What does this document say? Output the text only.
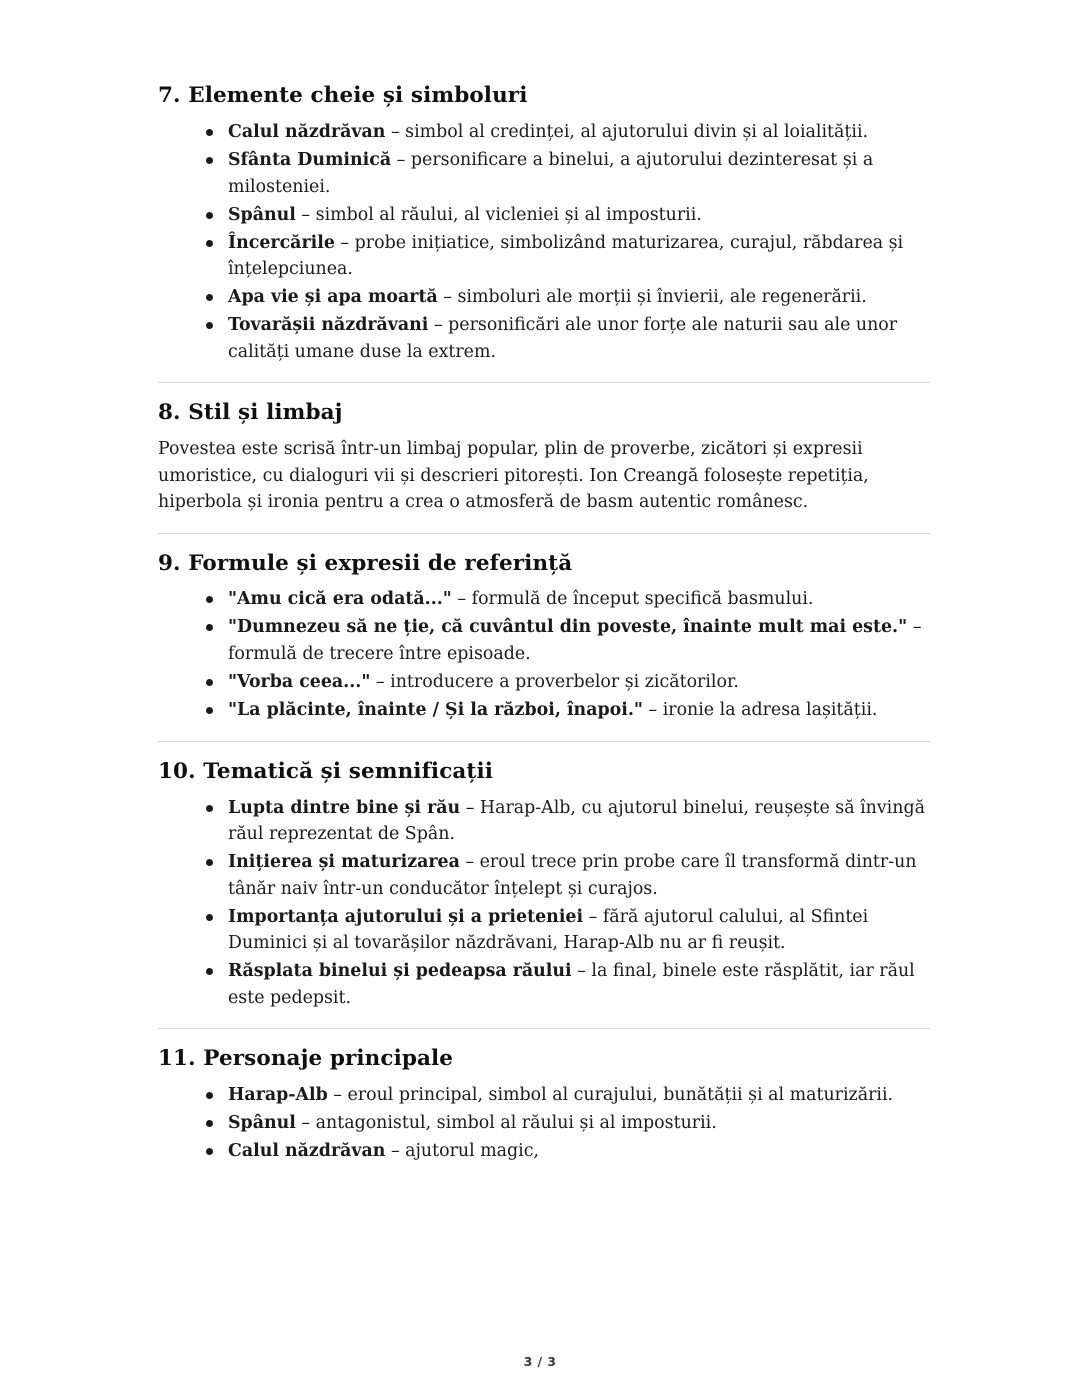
7. Elemente cheie și simboluri
Calul năzdrăvan – simbol al credinței, al ajutorului divin și al loialității.
Sfânta Duminică – personificare a binelui, a ajutorului dezinteresat și a milosteniei.
Spânul – simbol al răului, al vicleniei și al imposturii.
Încercările – probe inițiatice, simbolizând maturizarea, curajul, răbdarea și înțelepciunea.
Apa vie și apa moartă – simboluri ale morții și învierii, ale regenerării.
Tovarășii năzdrăvani – personificări ale unor forțe ale naturii sau ale unor calități umane duse la extrem.
8. Stil și limbaj

Povestea este scrisă într-un limbaj popular, plin de proverbe, zicători și expresii umoristice, cu dialoguri vii și descrieri pitorești. Ion Creangă folosește repetiția, hiperbola și ironia pentru a crea o atmosferă de basm autentic românesc.

9. Formule și expresii de referință
"Amu cică era odată..." – formulă de început specifică basmului.
"Dumnezeu să ne ție, că cuvântul din poveste, înainte mult mai este." – formulă de trecere între episoade.
"Vorba ceea..." – introducere a proverbelor și zicătorilor.
"La plăcinte, înainte / Și la război, înapoi." – ironie la adresa lașității.
10. Tematică și semnificații
Lupta dintre bine și rău – Harap-Alb, cu ajutorul binelui, reușește să învingă răul reprezentat de Spân.
Inițierea și maturizarea – eroul trece prin probe care îl transformă dintr-un tânăr naiv într-un conducător înțelept și curajos.
Importanța ajutorului și a prieteniei – fără ajutorul calului, al Sfintei Duminici și al tovarășilor năzdrăvani, Harap-Alb nu ar fi reușit.
Răsplata binelui și pedeapsa răului – la final, binele este răsplătit, iar răul este pedepsit.
11. Personaje principale
Harap-Alb – eroul principal, simbol al curajului, bunătății și al maturizării.
Spânul – antagonistul, simbol al răului și al imposturii.
Calul năzdrăvan – ajutorul magic,
3 / 3
